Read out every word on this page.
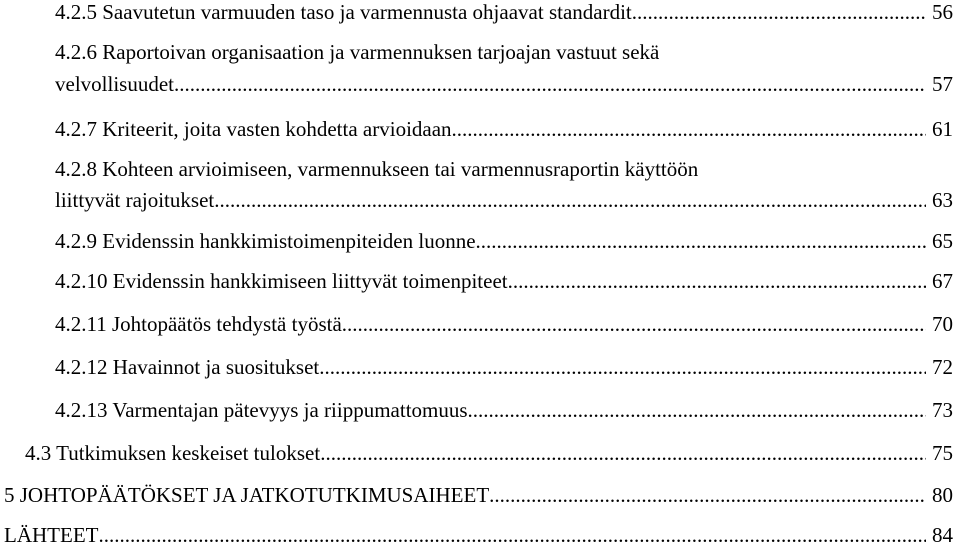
4.2.5 Saavutetun varmuuden taso ja varmennusta ohjaavat standardit .....	56
4.2.6 Raportoivan organisaation ja varmennuksen tarjoajan vastuut sekä
velvollisuudet .....	57
4.2.7 Kriteerit, joita vasten kohdetta arvioidaan .....	61
4.2.8 Kohteen arvioimiseen, varmennukseen tai varmennusraportin käyttöön
liittyvät rajoitukset .....	63
4.2.9 Evidenssin hankkimistoimenpiteiden luonne .....	65
4.2.10 Evidenssin hankkimiseen liittyvät toimenpiteet .....	67
4.2.11 Johtopäätös tehdystä työstä .....	70
4.2.12 Havainnot ja suositukset .....	72
4.2.13 Varmentajan pätevyys ja riippumattomuus .....	73
4.3 Tutkimuksen keskeiset tulokset .....	75
5 JOHTOPÄÄTÖKSET JA JATKOTUTKIMUSAIHEET .....	80
LÄHTEET .....	84
